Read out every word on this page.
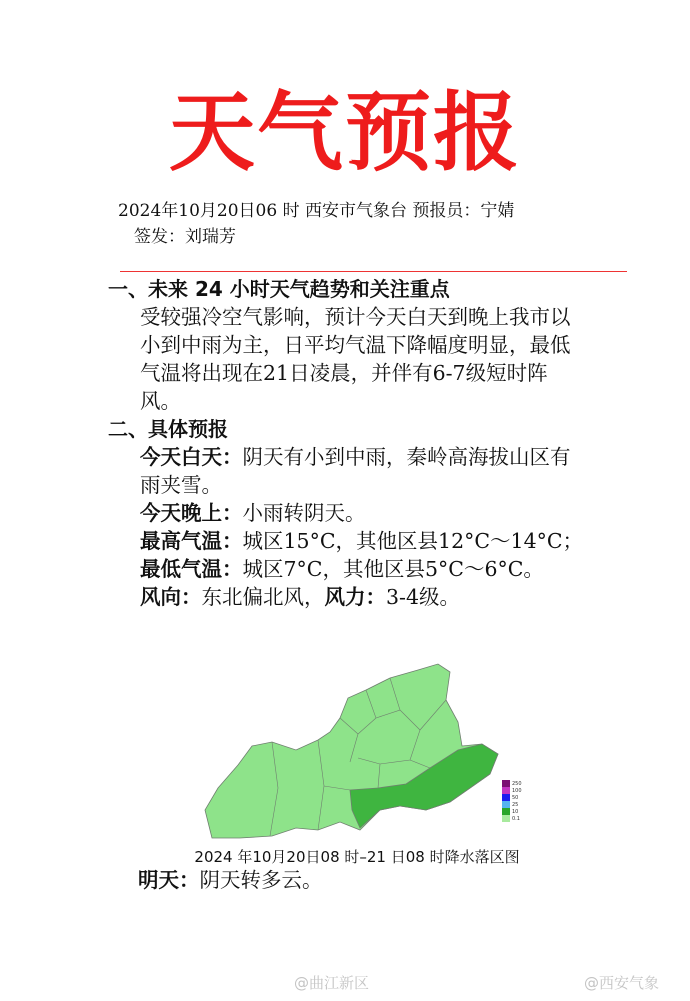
天气预报
2024年10月20日06 时 西安市气象台 预报员：宁婧
签发：刘瑞芳

一、未来 24 小时天气趋势和关注重点

受较强冷空气影响，预计今天白天到晚上我市以小到中雨为主，日平均气温下降幅度明显，最低气温将出现在21日凌晨，并伴有6-7级短时阵风。

二、具体预报

今天白天：阴天有小到中雨，秦岭高海拔山区有雨夹雪。

今天晚上：小雨转阴天。

最高气温：城区15°C，其他区县12°C～14°C；最低气温：城区7°C，其他区县5°C～6°C。

风向：东北偏北风，风力：3-4级。

250
100
50
25
10
0.1
2024 年10月20日08 时–21 日08 时降水落区图
明天：阴天转多云。
@曲江新区	@西安气象
